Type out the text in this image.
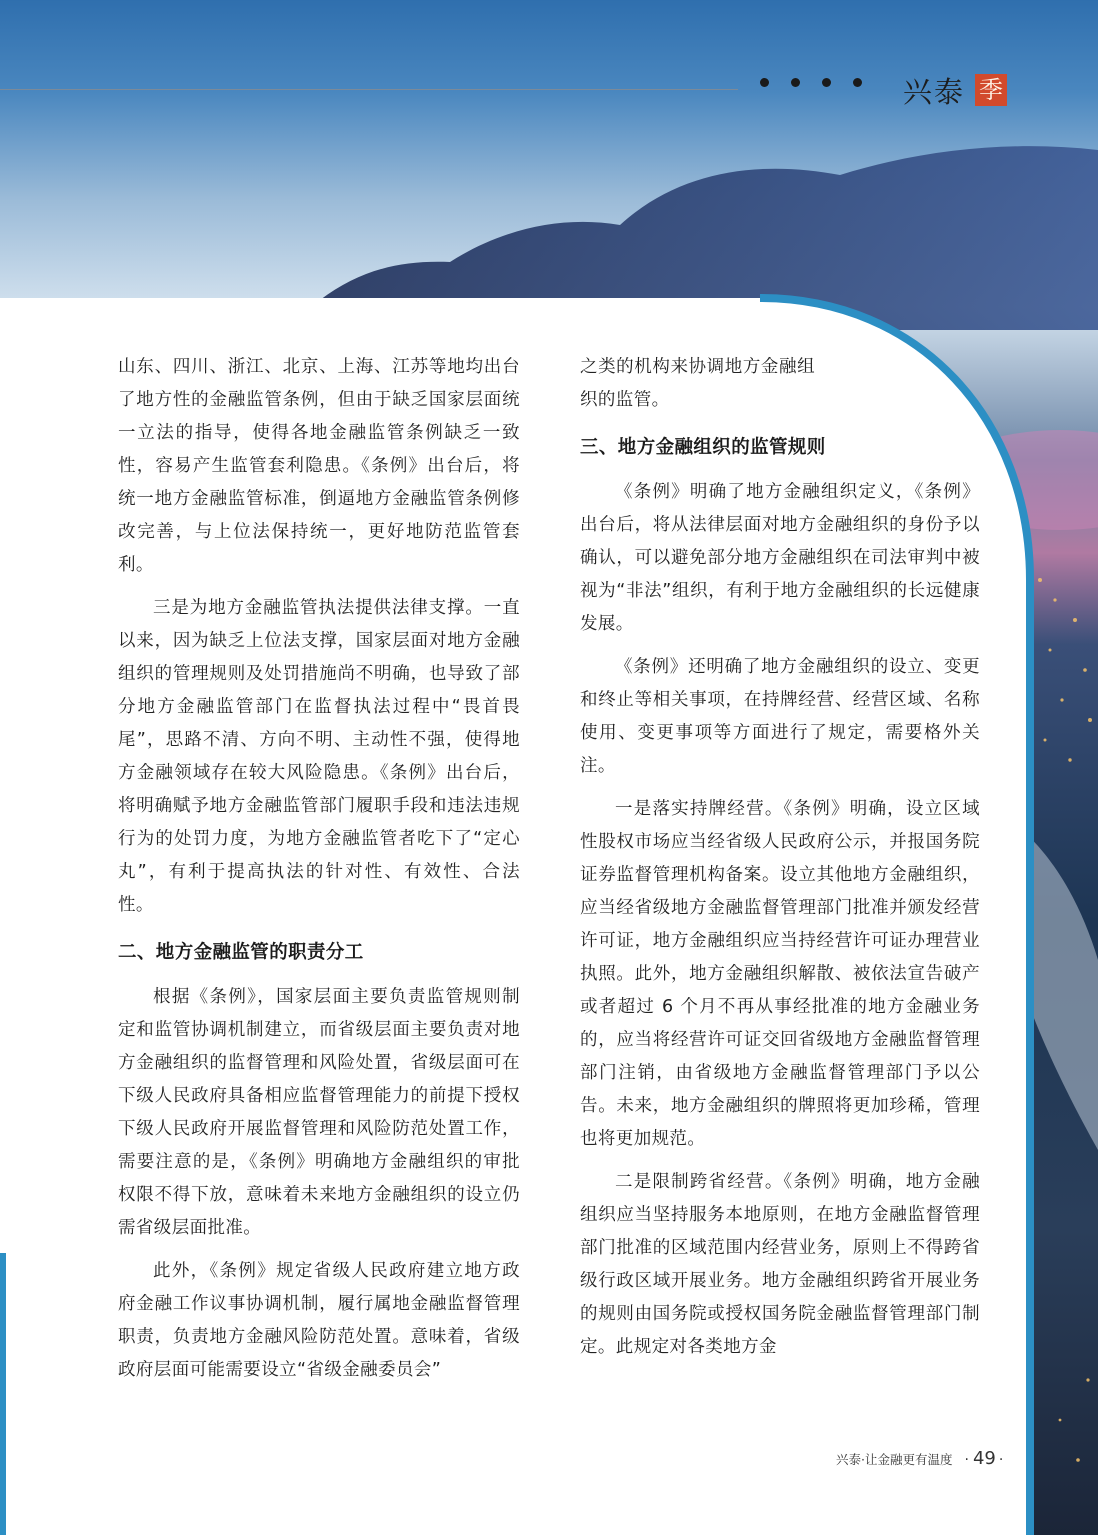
兴泰 季

山东、四川、浙江、北京、上海、江苏等地均出台了地方性的金融监管条例，但由于缺乏国家层面统一立法的指导，使得各地金融监管条例缺乏一致性，容易产生监管套利隐患。《条例》出台后，将统一地方金融监管标准，倒逼地方金融监管条例修改完善，与上位法保持统一，更好地防范监管套利。

三是为地方金融监管执法提供法律支撑。一直以来，因为缺乏上位法支撑，国家层面对地方金融组织的管理规则及处罚措施尚不明确，也导致了部分地方金融监管部门在监督执法过程中“畏首畏尾”，思路不清、方向不明、主动性不强，使得地方金融领域存在较大风险隐患。《条例》出台后，将明确赋予地方金融监管部门履职手段和违法违规行为的处罚力度，为地方金融监管者吃下了“定心丸”，有利于提高执法的针对性、有效性、合法性。

二、地方金融监管的职责分工

根据《条例》，国家层面主要负责监管规则制定和监管协调机制建立，而省级层面主要负责对地方金融组织的监督管理和风险处置，省级层面可在下级人民政府具备相应监督管理能力的前提下授权下级人民政府开展监督管理和风险防范处置工作，需要注意的是，《条例》明确地方金融组织的审批权限不得下放，意味着未来地方金融组织的设立仍需省级层面批准。

此外，《条例》规定省级人民政府建立地方政府金融工作议事协调机制，履行属地金融监督管理职责，负责地方金融风险防范处置。意味着，省级政府层面可能需要设立“省级金融委员会”

之类的机构来协调地方金融组织的监管。

三、地方金融组织的监管规则

《条例》明确了地方金融组织定义，《条例》出台后，将从法律层面对地方金融组织的身份予以确认，可以避免部分地方金融组织在司法审判中被视为“非法”组织，有利于地方金融组织的长远健康发展。

《条例》还明确了地方金融组织的设立、变更和终止等相关事项，在持牌经营、经营区域、名称使用、变更事项等方面进行了规定，需要格外关注。

一是落实持牌经营。《条例》明确，设立区域性股权市场应当经省级人民政府公示，并报国务院证券监督管理机构备案。设立其他地方金融组织，应当经省级地方金融监督管理部门批准并颁发经营许可证，地方金融组织应当持经营许可证办理营业执照。此外，地方金融组织解散、被依法宣告破产或者超过 6 个月不再从事经批准的地方金融业务的，应当将经营许可证交回省级地方金融监督管理部门注销，由省级地方金融监督管理部门予以公告。未来，地方金融组织的牌照将更加珍稀，管理也将更加规范。

二是限制跨省经营。《条例》明确，地方金融组织应当坚持服务本地原则，在地方金融监督管理部门批准的区域范围内经营业务，原则上不得跨省级行政区域开展业务。地方金融组织跨省开展业务的规则由国务院或授权国务院金融监督管理部门制定。此规定对各类地方金

兴泰·让金融更有温度 · 49 ·
